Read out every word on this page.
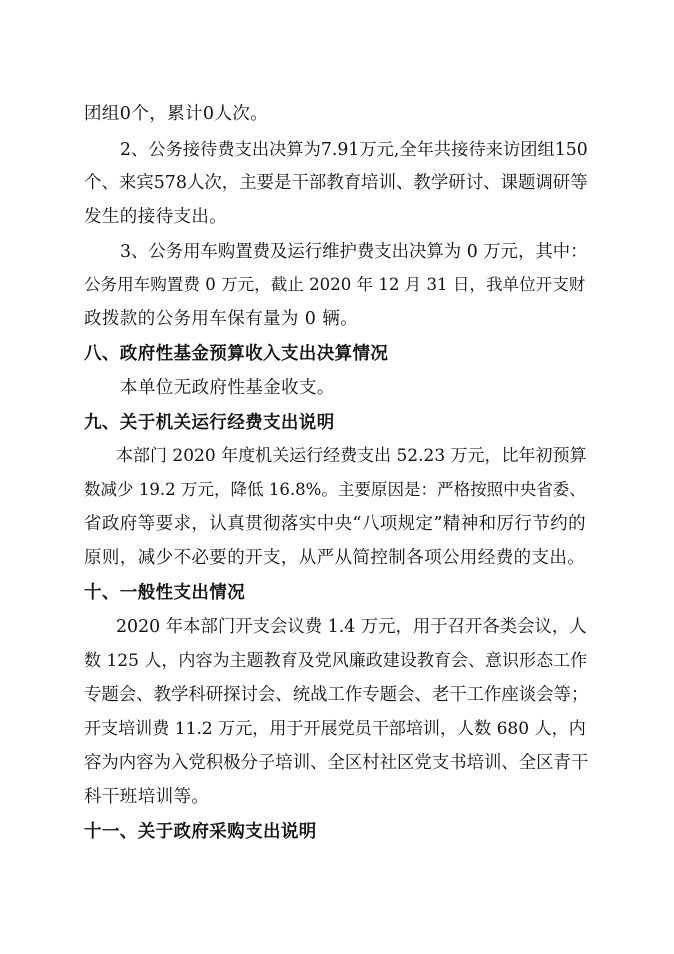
团组0个，累计0人次。

2、公务接待费支出决算为7.91万元,全年共接待来访团组150

个、来宾578人次，主要是干部教育培训、教学研讨、课题调研等

发生的接待支出。

3、公务用车购置费及运行维护费支出决算为 0 万元，其中：

公务用车购置费 0 万元，截止 2020 年 12 月 31 日，我单位开支财

政拨款的公务用车保有量为 0 辆。

八、政府性基金预算收入支出决算情况

本单位无政府性基金收支。

九、关于机关运行经费支出说明

本部门 2020 年度机关运行经费支出 52.23 万元，比年初预算

数减少 19.2 万元，降低 16.8%。主要原因是：严格按照中央省委、

省政府等要求，认真贯彻落实中央“八项规定”精神和厉行节约的

原则，减少不必要的开支，从严从简控制各项公用经费的支出。

十、一般性支出情况

2020 年本部门开支会议费 1.4 万元，用于召开各类会议，人

数 125 人，内容为主题教育及党风廉政建设教育会、意识形态工作

专题会、教学科研探讨会、统战工作专题会、老干工作座谈会等；

开支培训费 11.2 万元，用于开展党员干部培训，人数 680 人，内

容为内容为入党积极分子培训、全区村社区党支书培训、全区青干

科干班培训等。

十一、关于政府采购支出说明
